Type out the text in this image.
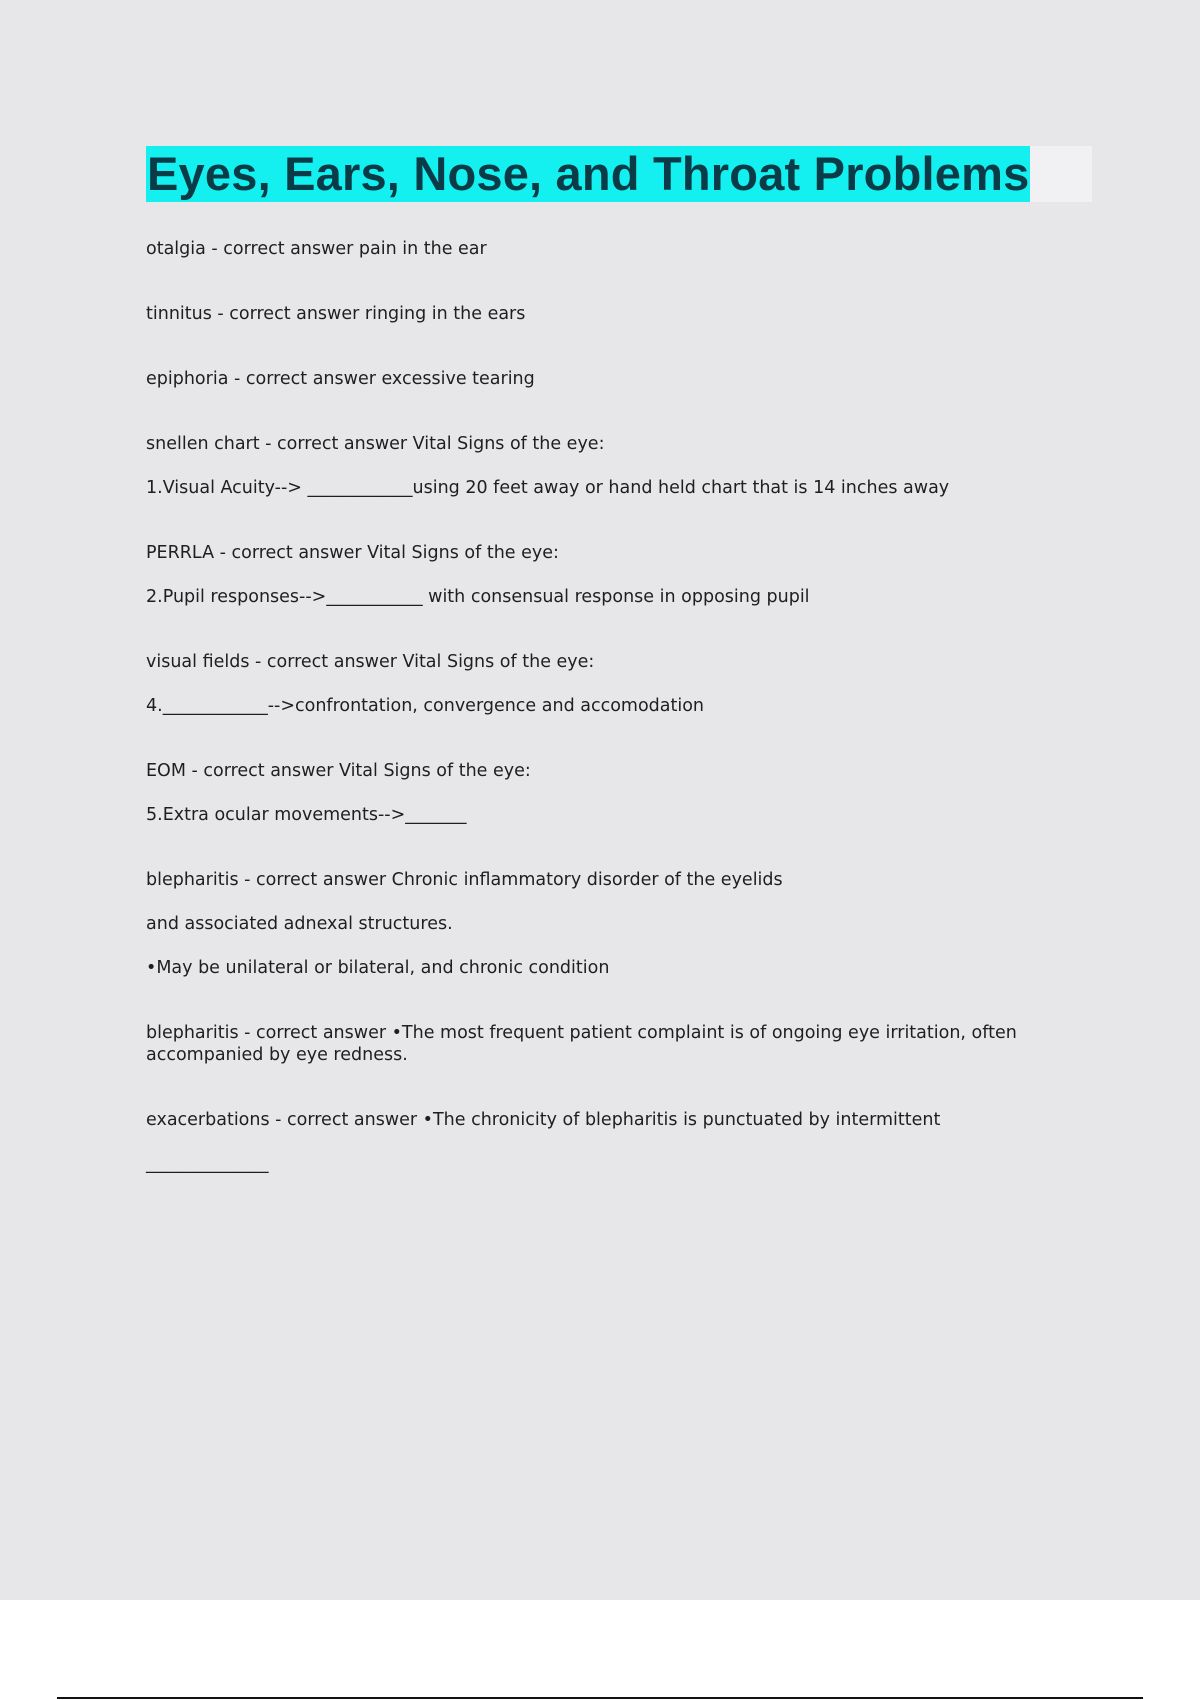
Eyes, Ears, Nose, and Throat Problems
otalgia - correct answer pain in the ear
tinnitus - correct answer ringing in the ears
epiphoria - correct answer excessive tearing
snellen chart - correct answer Vital Signs of the eye:
1.Visual Acuity--> ____________using 20 feet away or hand held chart that is 14 inches away
PERRLA - correct answer Vital Signs of the eye:
2.Pupil responses-->___________ with consensual response in opposing pupil
visual fields - correct answer Vital Signs of the eye:
4.____________-->confrontation, convergence and accomodation
EOM - correct answer Vital Signs of the eye:
5.Extra ocular movements-->_______
blepharitis - correct answer Chronic inflammatory disorder of the eyelids
and associated adnexal structures.
•May be unilateral or bilateral, and chronic condition
blepharitis - correct answer •The most frequent patient complaint is of ongoing eye irritation, often accompanied by eye redness.
exacerbations - correct answer •The chronicity of blepharitis is punctuated by intermittent
______________
